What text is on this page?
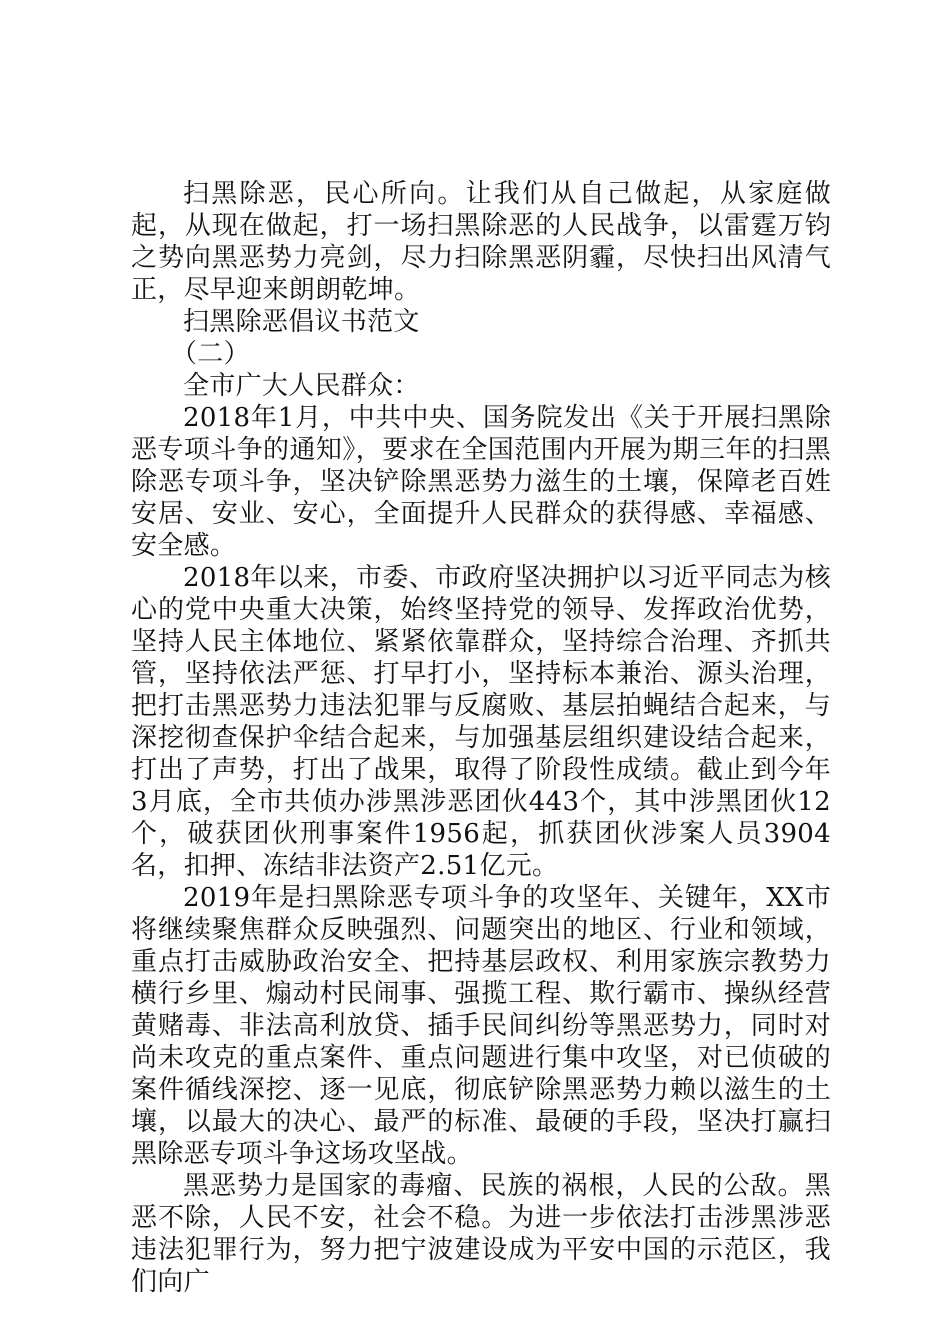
扫黑除恶，民心所向。让我们从自己做起，从家庭做起，从现在做起，打一场扫黑除恶的人民战争，以雷霆万钧之势向黑恶势力亮剑，尽力扫除黑恶阴霾，尽快扫出风清气正，尽早迎来朗朗乾坤。

扫黑除恶倡议书范文

（二）

全市广大人民群众：

2018年1月，中共中央、国务院发出《关于开展扫黑除恶专项斗争的通知》，要求在全国范围内开展为期三年的扫黑除恶专项斗争，坚决铲除黑恶势力滋生的土壤，保障老百姓安居、安业、安心，全面提升人民群众的获得感、幸福感、安全感。

2018年以来，市委、市政府坚决拥护以习近平同志为核心的党中央重大决策，始终坚持党的领导、发挥政治优势，坚持人民主体地位、紧紧依靠群众，坚持综合治理、齐抓共管，坚持依法严惩、打早打小，坚持标本兼治、源头治理，把打击黑恶势力违法犯罪与反腐败、基层拍蝇结合起来，与深挖彻查保护伞结合起来，与加强基层组织建设结合起来，打出了声势，打出了战果，取得了阶段性成绩。截止到今年3月底，全市共侦办涉黑涉恶团伙443个，其中涉黑团伙12个，破获团伙刑事案件1956起，抓获团伙涉案人员3904名，扣押、冻结非法资产2.51亿元。

2019年是扫黑除恶专项斗争的攻坚年、关键年，XX市将继续聚焦群众反映强烈、问题突出的地区、行业和领域，重点打击威胁政治安全、把持基层政权、利用家族宗教势力横行乡里、煽动村民闹事、强揽工程、欺行霸市、操纵经营黄赌毒、非法高利放贷、插手民间纠纷等黑恶势力，同时对尚未攻克的重点案件、重点问题进行集中攻坚，对已侦破的案件循线深挖、逐一见底，彻底铲除黑恶势力赖以滋生的土壤，以最大的决心、最严的标准、最硬的手段，坚决打赢扫黑除恶专项斗争这场攻坚战。

黑恶势力是国家的毒瘤、民族的祸根，人民的公敌。黑恶不除，人民不安，社会不稳。为进一步依法打击涉黑涉恶违法犯罪行为，努力把宁波建设成为平安中国的示范区，我们向广
